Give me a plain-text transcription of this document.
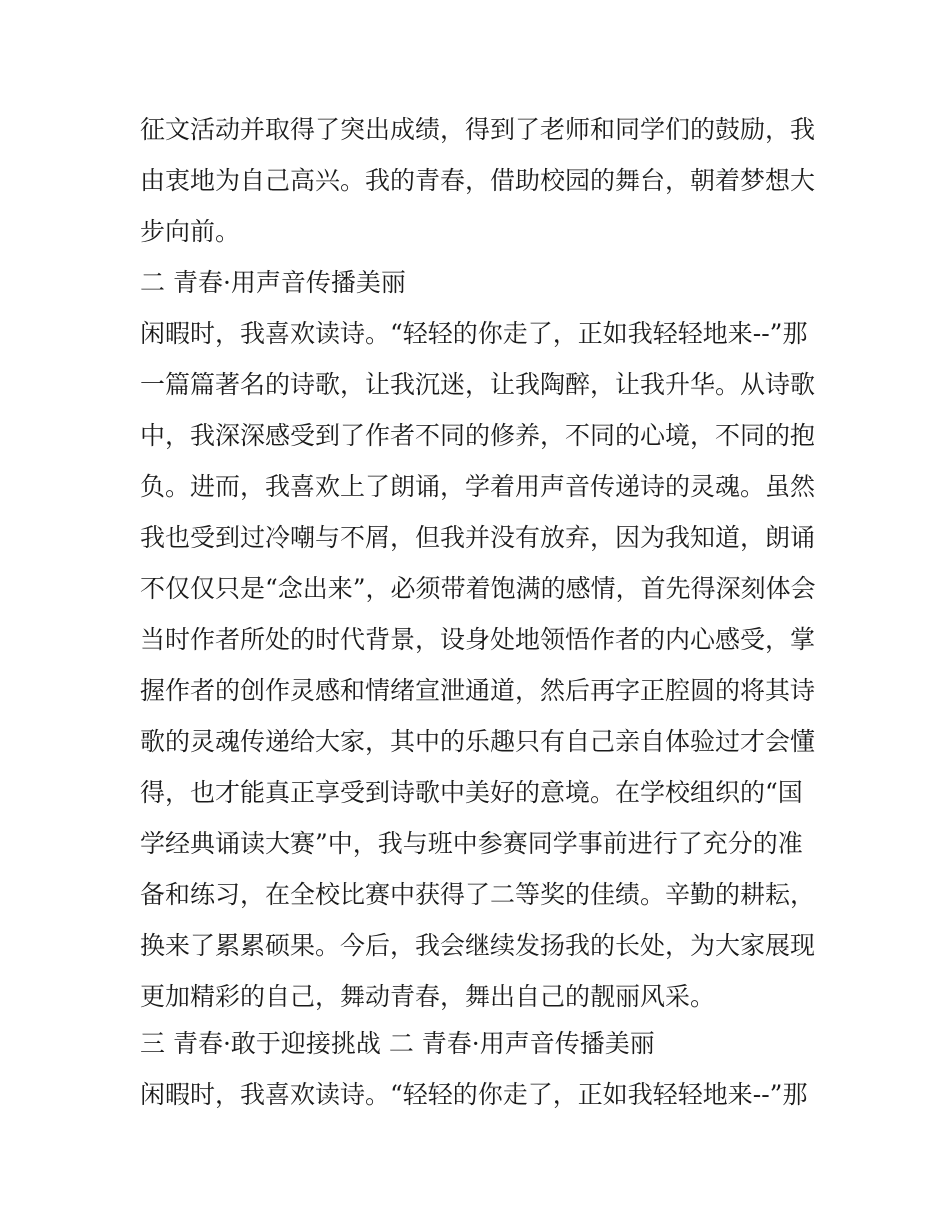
征文活动并取得了突出成绩，得到了老师和同学们的鼓励，我
由衷地为自己高兴。我的青春，借助校园的舞台，朝着梦想大
步向前。
二 青春·用声音传播美丽
闲暇时，我喜欢读诗。“轻轻的你走了，正如我轻轻地来--”那
一篇篇著名的诗歌，让我沉迷，让我陶醉，让我升华。从诗歌
中，我深深感受到了作者不同的修养，不同的心境，不同的抱
负。进而，我喜欢上了朗诵，学着用声音传递诗的灵魂。虽然
我也受到过冷嘲与不屑，但我并没有放弃，因为我知道，朗诵
不仅仅只是“念出来”，必须带着饱满的感情，首先得深刻体会
当时作者所处的时代背景，设身处地领悟作者的内心感受，掌
握作者的创作灵感和情绪宣泄通道，然后再字正腔圆的将其诗
歌的灵魂传递给大家，其中的乐趣只有自己亲自体验过才会懂
得，也才能真正享受到诗歌中美好的意境。在学校组织的“国
学经典诵读大赛”中，我与班中参赛同学事前进行了充分的准
备和练习，在全校比赛中获得了二等奖的佳绩。辛勤的耕耘，
换来了累累硕果。今后，我会继续发扬我的长处，为大家展现
更加精彩的自己，舞动青春，舞出自己的靓丽风采。
三 青春·敢于迎接挑战 二 青春·用声音传播美丽
闲暇时，我喜欢读诗。“轻轻的你走了，正如我轻轻地来--”那
